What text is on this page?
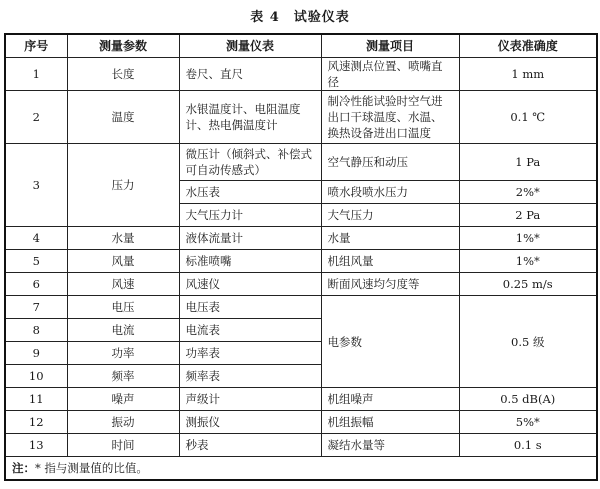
表 4　试验仪表
序号	测量参数	测量仪表	测量项目	仪表准确度
1	长度	卷尺、直尺	风速测点位置、喷嘴直径	1 mm
2	温度	水银温度计、电阻温度计、热电偶温度计	制冷性能试验时空气进出口干球温度、水温、换热设备进出口温度	0.1 ℃
3	压力	微压计（倾斜式、补偿式可自动传感式）	空气静压和动压	1 Pa
		水压表	喷水段喷水压力	2%*
		大气压力计	大气压力	2 Pa
4	水量	液体流量计	水量	1%*
5	风量	标准喷嘴	机组风量	1%*
6	风速	风速仪	断面风速均匀度等	0.25 m/s
7	电压	电压表	电参数	0.5 级
8	电流	电流表		
9	功率	功率表		
10	频率	频率表		
11	噪声	声级计	机组噪声	0.5 dB(A)
12	振动	测振仪	机组振幅	5%*
13	时间	秒表	凝结水量等	0.1 s
注：* 指与测量值的比值。				
